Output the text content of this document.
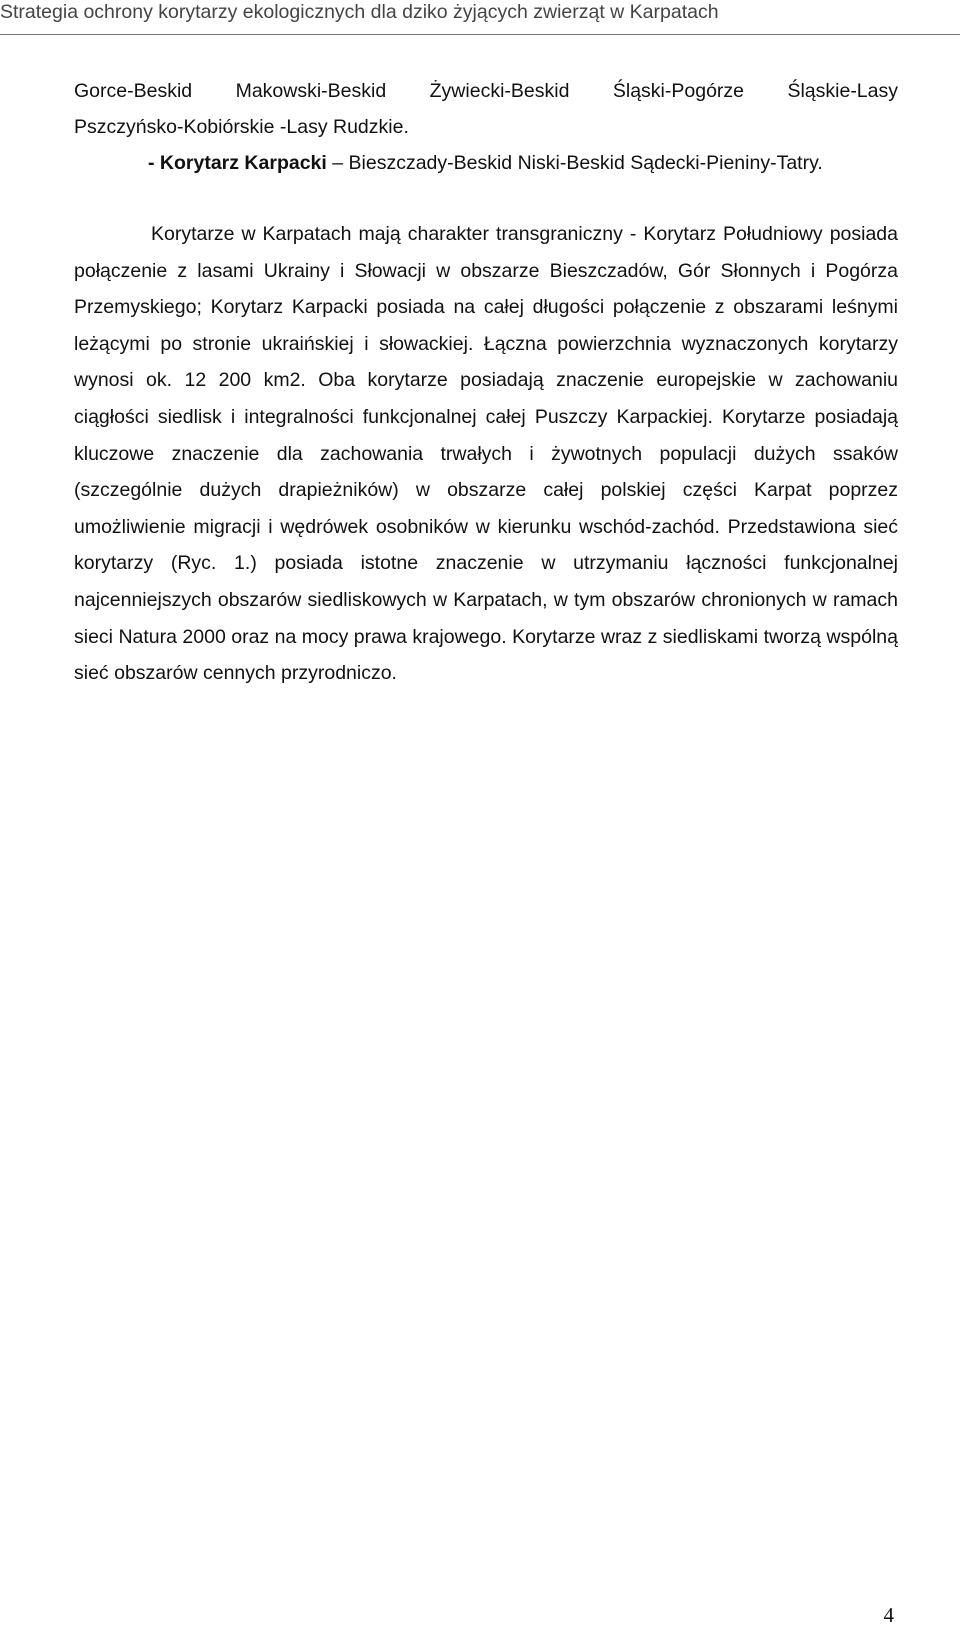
Strategia ochrony korytarzy ekologicznych dla dziko żyjących zwierząt w Karpatach
Gorce-Beskid Makowski-Beskid Żywiecki-Beskid Śląski-Pogórze Śląskie-Lasy
Pszczyńsko-Kobiórskie -Lasy Rudzkie.
- Korytarz Karpacki – Bieszczady-Beskid Niski-Beskid Sądecki-Pieniny-Tatry.
Korytarze w Karpatach mają charakter transgraniczny - Korytarz Południowy posiada połączenie z lasami Ukrainy i Słowacji w obszarze Bieszczadów, Gór Słonnych i Pogórza Przemyskiego; Korytarz Karpacki posiada na całej długości połączenie z obszarami leśnymi leżącymi po stronie ukraińskiej i słowackiej. Łączna powierzchnia wyznaczonych korytarzy wynosi ok. 12 200 km2. Oba korytarze posiadają znaczenie europejskie w zachowaniu ciągłości siedlisk i integralności funkcjonalnej całej Puszczy Karpackiej. Korytarze posiadają kluczowe znaczenie dla zachowania trwałych i żywotnych populacji dużych ssaków (szczególnie dużych drapieżników) w obszarze całej polskiej części Karpat poprzez umożliwienie migracji i wędrówek osobników w kierunku wschód-zachód. Przedstawiona sieć korytarzy (Ryc. 1.) posiada istotne znaczenie w utrzymaniu łączności funkcjonalnej najcenniejszych obszarów siedliskowych w Karpatach, w tym obszarów chronionych w ramach sieci Natura 2000 oraz na mocy prawa krajowego. Korytarze wraz z siedliskami tworzą wspólną sieć obszarów cennych przyrodniczo.
4
